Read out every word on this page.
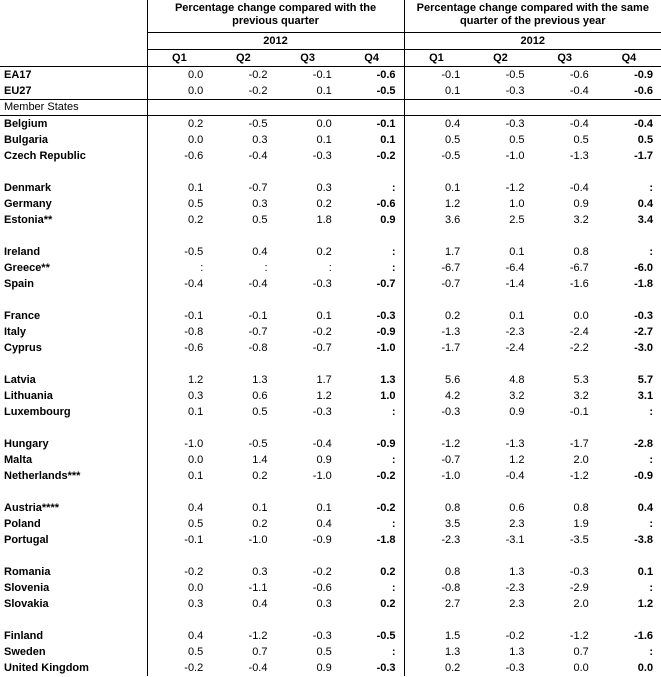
	Percentage change compared with the previous quarter				Percentage change compared with the same quarter of the previous year			
	2012				2012			
	Q1	Q2	Q3	Q4	Q1	Q2	Q3	Q4
EA17	0.0	-0.2	-0.1	-0.6	-0.1	-0.5	-0.6	-0.9
EU27	0.0	-0.2	0.1	-0.5	0.1	-0.3	-0.4	-0.6
Member States								
Belgium	0.2	-0.5	0.0	-0.1	0.4	-0.3	-0.4	-0.4
Bulgaria	0.0	0.3	0.1	0.1	0.5	0.5	0.5	0.5
Czech Republic	-0.6	-0.4	-0.3	-0.2	-0.5	-1.0	-1.3	-1.7

Denmark	0.1	-0.7	0.3	:	0.1	-1.2	-0.4	:
Germany	0.5	0.3	0.2	-0.6	1.2	1.0	0.9	0.4
Estonia**	0.2	0.5	1.8	0.9	3.6	2.5	3.2	3.4

Ireland	-0.5	0.4	0.2	:	1.7	0.1	0.8	:
Greece**	:	:	:	:	-6.7	-6.4	-6.7	-6.0
Spain	-0.4	-0.4	-0.3	-0.7	-0.7	-1.4	-1.6	-1.8

France	-0.1	-0.1	0.1	-0.3	0.2	0.1	0.0	-0.3
Italy	-0.8	-0.7	-0.2	-0.9	-1.3	-2.3	-2.4	-2.7
Cyprus	-0.6	-0.8	-0.7	-1.0	-1.7	-2.4	-2.2	-3.0

Latvia	1.2	1.3	1.7	1.3	5.6	4.8	5.3	5.7
Lithuania	0.3	0.6	1.2	1.0	4.2	3.2	3.2	3.1
Luxembourg	0.1	0.5	-0.3	:	-0.3	0.9	-0.1	:

Hungary	-1.0	-0.5	-0.4	-0.9	-1.2	-1.3	-1.7	-2.8
Malta	0.0	1.4	0.9	:	-0.7	1.2	2.0	:
Netherlands***	0.1	0.2	-1.0	-0.2	-1.0	-0.4	-1.2	-0.9

Austria****	0.4	0.1	0.1	-0.2	0.8	0.6	0.8	0.4
Poland	0.5	0.2	0.4	:	3.5	2.3	1.9	:
Portugal	-0.1	-1.0	-0.9	-1.8	-2.3	-3.1	-3.5	-3.8

Romania	-0.2	0.3	-0.2	0.2	0.8	1.3	-0.3	0.1
Slovenia	0.0	-1.1	-0.6	:	-0.8	-2.3	-2.9	:
Slovakia	0.3	0.4	0.3	0.2	2.7	2.3	2.0	1.2

Finland	0.4	-1.2	-0.3	-0.5	1.5	-0.2	-1.2	-1.6
Sweden	0.5	0.7	0.5	:	1.3	1.3	0.7	:
United Kingdom	-0.2	-0.4	0.9	-0.3	0.2	-0.3	0.0	0.0
